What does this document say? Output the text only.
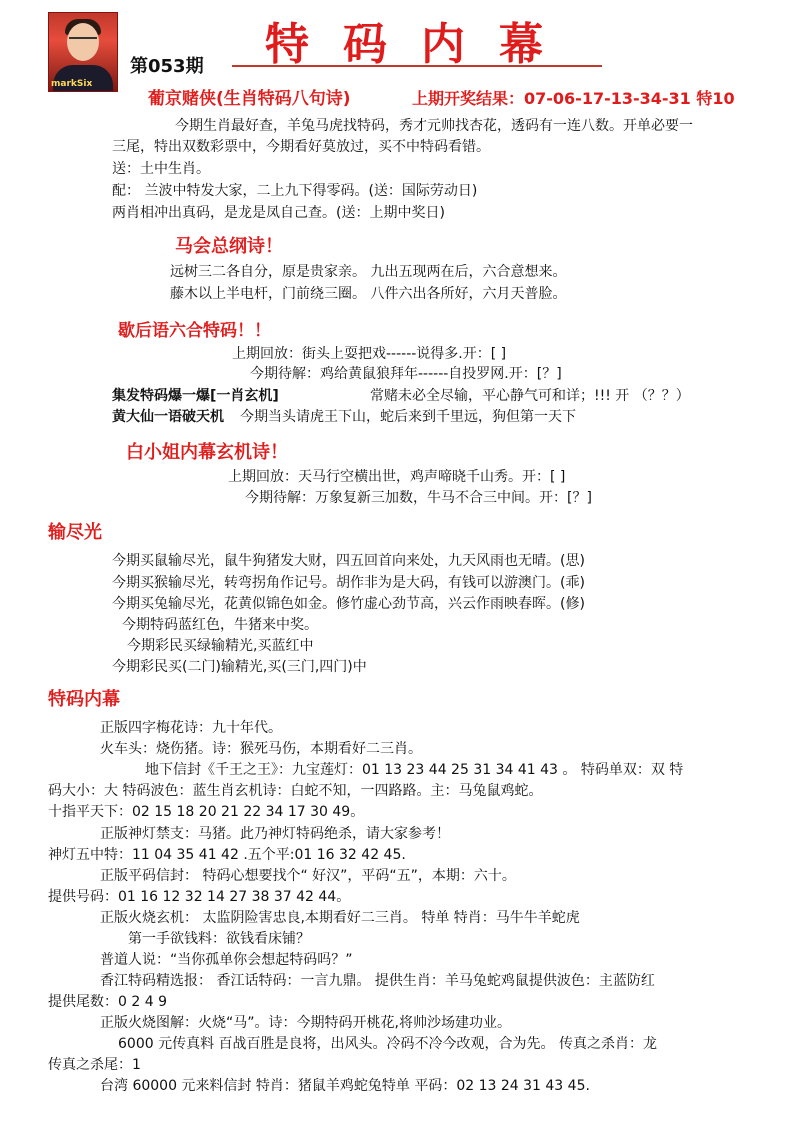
markSix
第053期 特码内幕
葡京赌侠(生肖特码八句诗)	上期开奖结果：07-06-17-13-34-31 特10
今期生肖最好查，羊兔马虎找特码，秀才元帅找杏花，透码有一连八数。开单必要一
三尾，特出双数彩票中，今期看好莫放过，买不中特码看错。
送：土中生肖。
配： 兰波中特发大家，二上九下得零码。(送：国际劳动日)
两肖相冲出真码，是龙是凤自己查。(送：上期中奖日)
马会总纲诗！
远树三二各自分，原是贵家亲。 九出五现两在后，六合意想来。
藤木以上半电杆，门前绕三圈。 八件六出各所好，六月天普脸。
歇后语六合特码！！
上期回放：街头上耍把戏------说得多.开：[ ]
今期待解：鸡给黄鼠狼拜年------自投罗网.开：[？]
集发特码爆一爆[一肖玄机]	常赌未必全尽输，平心静气可和详；!!! 开 （？？）
黄大仙一语破天机 今期当头请虎王下山，蛇后来到千里远，狗但第一天下
白小姐内幕玄机诗！
上期回放：天马行空横出世，鸡声啼晓千山秀。开：[ ]
今期待解：万象复新三加数，牛马不合三中间。开：[？]
输尽光
今期买鼠输尽光，鼠牛狗猪发大财，四五回首向来处，九天风雨也无晴。(思)
今期买猴输尽光，转弯拐角作记号。胡作非为是大码，有钱可以游澳门。(乖)
今期买兔输尽光，花黄似锦色如金。修竹虚心劲节高，兴云作雨映春晖。(修)
今期特码蓝红色，牛猪来中奖。
今期彩民买绿输精光,买蓝红中
今期彩民买(二门)输精光,买(三门,四门)中
特码内幕
正版四字梅花诗：九十年代。
火车头：烧伤猪。诗：猴死马伤，本期看好二三肖。
地下信封《千王之王》：九宝莲灯：01 13 23 44 25 31 34 41 43 。 特码单双：双 特
码大小：大 特码波色：蓝生肖玄机诗：白蛇不知，一四路路。主：马兔鼠鸡蛇。
十指平天下：02 15 18 20 21 22 34 17 30 49。
正版神灯禁支：马猪。此乃神灯特码绝杀，请大家参考！
神灯五中特：11 04 35 41 42 .五个平:01 16 32 42 45.
正版平码信封： 特码心想要找个“ 好汉”，平码“五”，本期：六十。
提供号码：01 16 12 32 14 27 38 37 42 44。
正版火烧玄机： 太监阴险害忠良,本期看好二三肖。 特单 特肖：马牛牛羊蛇虎
第一手欲钱料：欲钱看床铺？
普道人说：“当你孤单你会想起特码吗？”
香江特码精选报： 香江话特码：一言九鼎。 提供生肖：羊马兔蛇鸡鼠提供波色：主蓝防红
提供尾数：0 2 4 9
正版火烧图解：火烧“马”。诗：今期特码开桃花,将帅沙场建功业。
6000 元传真料 百战百胜是良将，出风头。冷码不冷今改观，合为先。 传真之杀肖：龙
传真之杀尾：1
台湾 60000 元来料信封 特肖：猪鼠羊鸡蛇兔特单 平码：02 13 24 31 43 45.
